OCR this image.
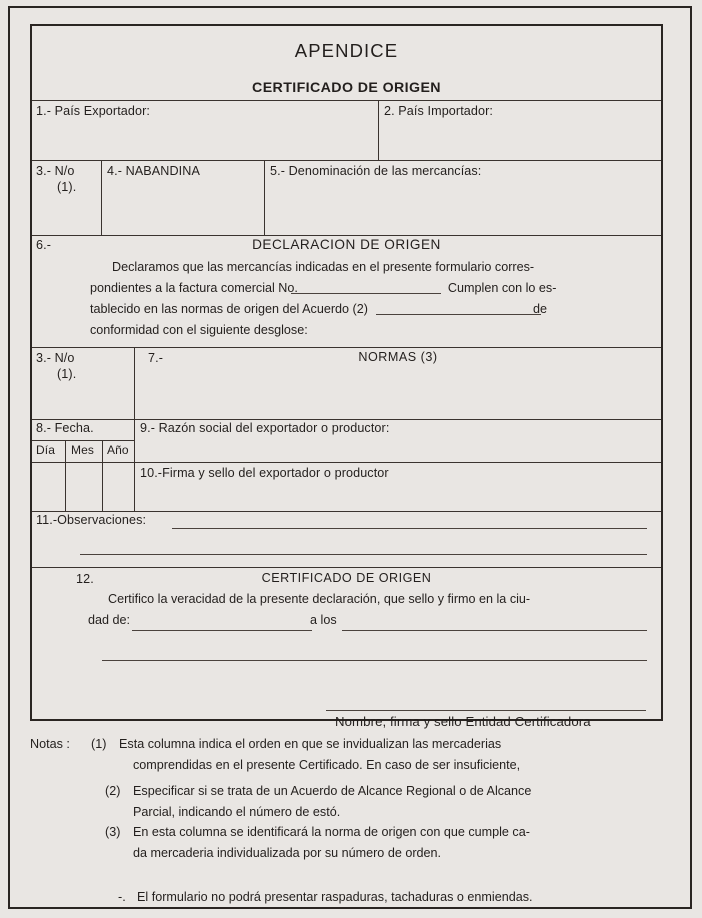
APENDICE
CERTIFICADO DE ORIGEN
1.- País Exportador:	2. País Importador:
3.- N/o
(1).
4.- NABANDINA	5.- Denominación de las mercancías:
6.-	DECLARACION DE ORIGEN
Declaramos que las mercancías indicadas en el presente formulario corres-
pondientes a la factura comercial No.	Cumplen con lo es-
tablecido en las normas de origen del Acuerdo (2)	de
conformidad con el siguiente desglose:
3.- N/o
(1).
7.-	NORMAS (3)
8.- Fecha.
Día Mes Año
9.- Razón social del exportador o productor:
10.-Firma y sello del exportador o productor
11.-Observaciones:
12.	CERTIFICADO DE ORIGEN
Certifico la veracidad de la presente declaración, que sello y firmo en la ciu-
dad de:	a los
Nombre, firma y sello Entidad Certificadora
Notas : (1) Esta columna indica el orden en que se invidualizan las mercaderias
comprendidas en el presente Certificado. En caso de ser insuficiente,
(2) Especificar si se trata de un Acuerdo de Alcance Regional o de Alcance
Parcial, indicando el número de estó.
(3) En esta columna se identificará la norma de origen con que cumple ca-
da mercaderia individualizada por su número de orden.
-. El formulario no podrá presentar raspaduras, tachaduras o enmiendas.
